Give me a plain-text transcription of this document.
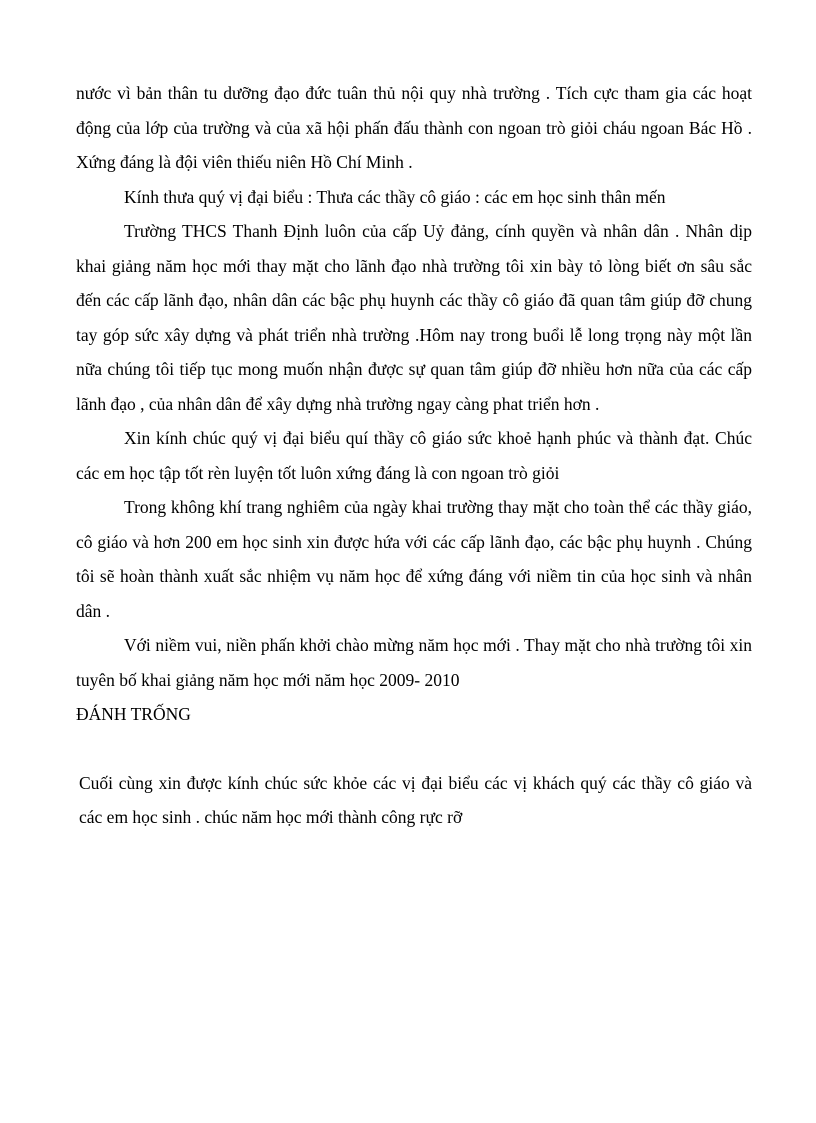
nước vì bản thân tu dưỡng đạo đức tuân thủ nội quy nhà trường . Tích cực tham gia các hoạt động của lớp của trường và của xã hội phấn đấu thành con ngoan trò giỏi cháu ngoan Bác Hồ . Xứng đáng là đội viên thiếu niên Hồ Chí Minh .

Kính thưa quý vị đại biểu : Thưa các thầy cô giáo : các em học sinh thân mến

Trường THCS Thanh Định luôn của cấp Uỷ đảng, cính quyền và nhân dân . Nhân dịp khai giảng năm học mới thay mặt cho lãnh đạo nhà trường tôi xin bày tỏ lòng biết ơn sâu sắc đến các cấp lãnh đạo, nhân dân các bậc phụ huynh các thầy cô giáo đã quan tâm giúp đỡ chung tay góp sức xây dựng và phát triển nhà trường .Hôm nay trong buổi lễ long trọng này một lần nữa chúng tôi tiếp tục mong muốn nhận được sự quan tâm giúp đỡ nhiều hơn nữa của các cấp lãnh đạo , của nhân dân để xây dựng nhà trường ngay càng phat triển hơn .

Xin kính chúc quý vị đại biểu quí thầy cô giáo sức khoẻ hạnh phúc và thành đạt. Chúc các em học tập tốt rèn luyện tốt luôn xứng đáng là con ngoan trò giỏi

Trong không khí trang nghiêm của ngày khai trường thay mặt cho toàn thể các thầy giáo, cô giáo và hơn 200 em học sinh xin được hứa với các cấp lãnh đạo, các bậc phụ huynh . Chúng tôi sẽ hoàn thành xuất sắc nhiệm vụ năm học để xứng đáng với niềm tin của học sinh và nhân dân .

Với niềm vui, niền phấn khởi chào mừng năm học mới . Thay mặt cho nhà trường tôi xin tuyên bố khai giảng năm học mới năm học 2009- 2010

ĐÁNH TRỐNG

Cuối cùng xin được kính chúc sức khỏe các vị đại biểu các vị khách quý các thầy cô giáo và các em học sinh . chúc năm học mới thành công rực rỡ
